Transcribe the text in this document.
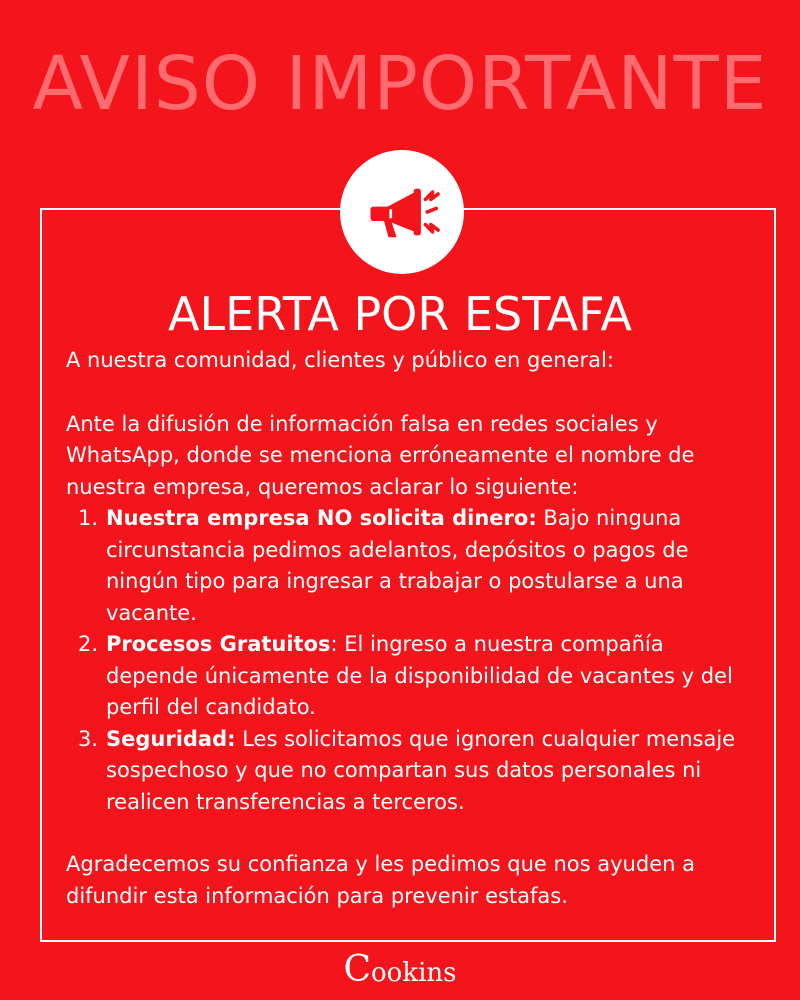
AVISO IMPORTANTE
ALERTA POR ESTAFA

A nuestra comunidad, clientes y público en general:

Ante la difusión de información falsa en redes sociales y WhatsApp, donde se menciona erróneamente el nombre de nuestra empresa, queremos aclarar lo siguiente:

1. Nuestra empresa NO solicita dinero: Bajo ninguna circunstancia pedimos adelantos, depósitos o pagos de ningún tipo para ingresar a trabajar o postularse a una vacante.
2. Procesos Gratuitos: El ingreso a nuestra compañía depende únicamente de la disponibilidad de vacantes y del perfil del candidato.
3. Seguridad: Les solicitamos que ignoren cualquier mensaje sospechoso y que no compartan sus datos personales ni realicen transferencias a terceros.

Agradecemos su confianza y les pedimos que nos ayuden a difundir esta información para prevenir estafas.

Cookins
